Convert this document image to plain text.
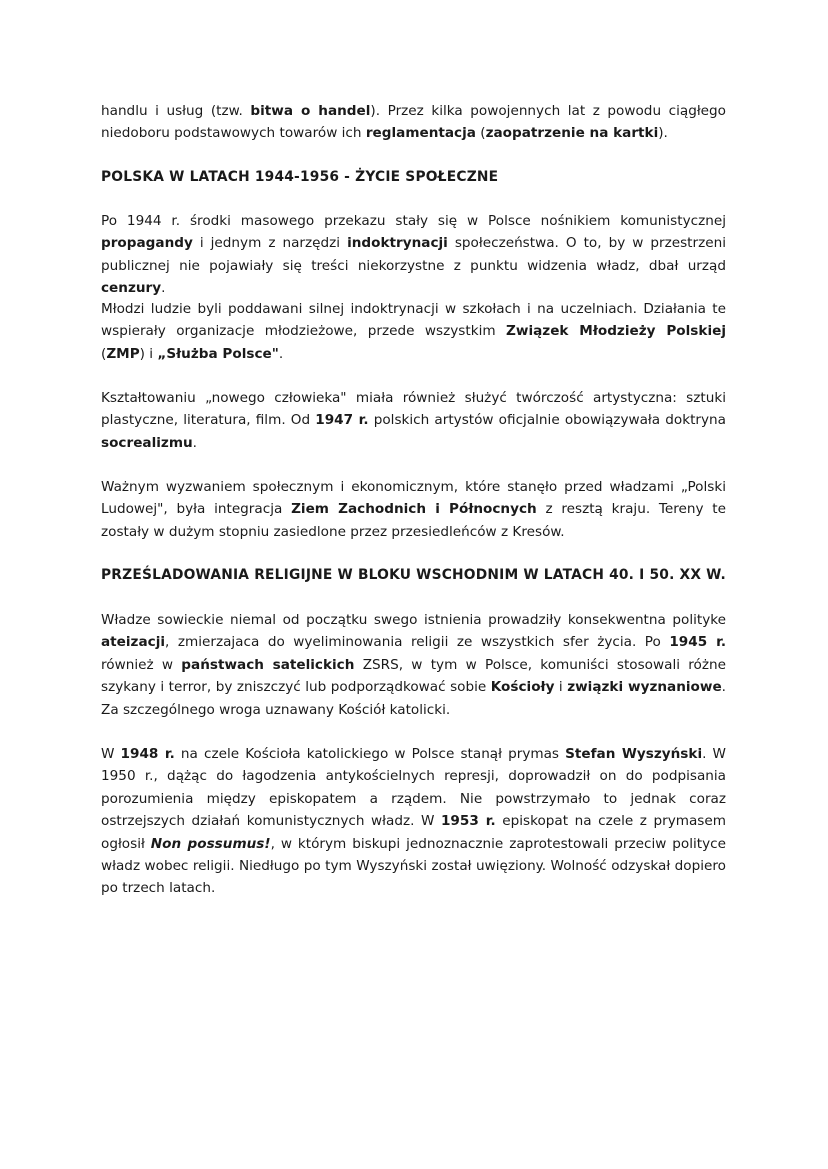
handlu i usług (tzw. bitwa o handel). Przez kilka powojennych lat z powodu ciągłego niedoboru podstawowych towarów ich reglamentacja (zaopatrzenie na kartki).

POLSKA W LATACH 1944-1956 - ŻYCIE SPOŁECZNE

Po 1944 r. środki masowego przekazu stały się w Polsce nośnikiem komunistycznej propagandy i jednym z narzędzi indoktrynacji społeczeństwa. O to, by w przestrzeni publicznej nie pojawiały się treści niekorzystne z punktu widzenia władz, dbał urząd cenzury.

Młodzi ludzie byli poddawani silnej indoktrynacji w szkołach i na uczelniach. Działania te wspierały organizacje młodzieżowe, przede wszystkim Związek Młodzieży Polskiej (ZMP) i „Służba Polsce".

Kształtowaniu „nowego człowieka" miała również służyć twórczość artystyczna: sztuki plastyczne, literatura, film. Od 1947 r. polskich artystów oficjalnie obowiązywała doktryna socrealizmu.

Ważnym wyzwaniem społecznym i ekonomicznym, które stanęło przed władzami „Polski Ludowej", była integracja Ziem Zachodnich i Północnych z resztą kraju. Tereny te zostały w dużym stopniu zasiedlone przez przesiedleńców z Kresów.

PRZEŚLADOWANIA RELIGIJNE W BLOKU WSCHODNIM W LATACH 40. I 50. XX W.

Władze sowieckie niemal od początku swego istnienia prowadziły konsekwentna polityke ateizacji, zmierzajaca do wyeliminowania religii ze wszystkich sfer życia. Po 1945 r. również w państwach satelickich ZSRS, w tym w Polsce, komuniści stosowali różne szykany i terror, by zniszczyć lub podporządkować sobie Kościoły i związki wyznaniowe. Za szczególnego wroga uznawany Kościół katolicki.

W 1948 r. na czele Kościoła katolickiego w Polsce stanął prymas Stefan Wyszyński. W 1950 r., dążąc do łagodzenia antykościelnych represji, doprowadził on do podpisania porozumienia między episkopatem a rządem. Nie powstrzymało to jednak coraz ostrzejszych działań komunistycznych władz. W 1953 r. episkopat na czele z prymasem ogłosił Non possumus!, w którym biskupi jednoznacznie zaprotestowali przeciw polityce władz wobec religii. Niedługo po tym Wyszyński został uwięziony. Wolność odzyskał dopiero po trzech latach.
